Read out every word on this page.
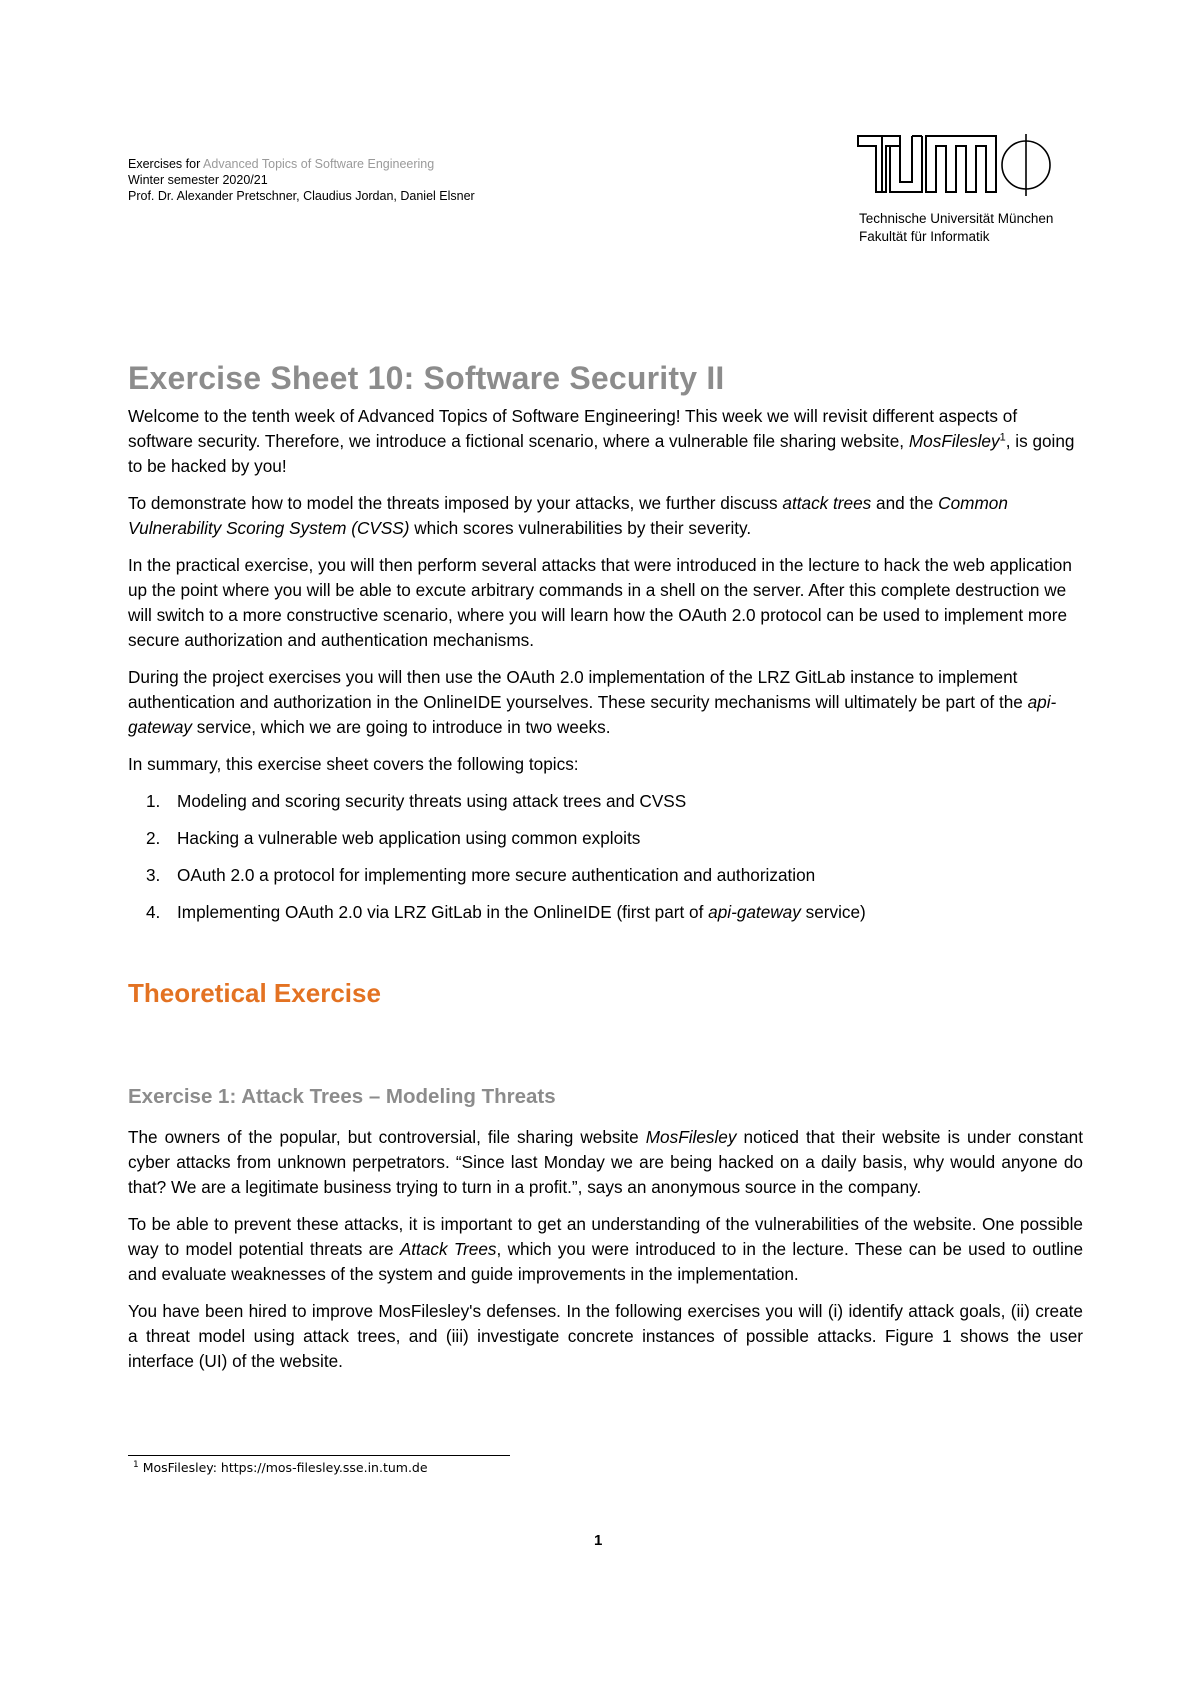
Exercises for Advanced Topics of Software Engineering
Winter semester 2020/21
Prof. Dr. Alexander Pretschner, Claudius Jordan, Daniel Elsner
Technische Universität München
Fakultät für Informatik
Exercise Sheet 10: Software Security II

Welcome to the tenth week of Advanced Topics of Software Engineering! This week we will revisit different aspects of software security. Therefore, we introduce a fictional scenario, where a vulnerable file sharing website, MosFilesley$^1$, is going to be hacked by you!

To demonstrate how to model the threats imposed by your attacks, we further discuss attack trees and the Common Vulnerability Scoring System (CVSS) which scores vulnerabilities by their severity.

In the practical exercise, you will then perform several attacks that were introduced in the lecture to hack the web application up the point where you will be able to excute arbitrary commands in a shell on the server. After this complete destruction we will switch to a more constructive scenario, where you will learn how the OAuth 2.0 protocol can be used to implement more secure authorization and authentication mechanisms.

During the project exercises you will then use the OAuth 2.0 implementation of the LRZ GitLab instance to implement authentication and authorization in the OnlineIDE yourselves. These security mechanisms will ultimately be part of the api-gateway service, which we are going to introduce in two weeks.

In summary, this exercise sheet covers the following topics:

1. Modeling and scoring security threats using attack trees and CVSS
2. Hacking a vulnerable web application using common exploits
3. OAuth 2.0 a protocol for implementing more secure authentication and authorization
4. Implementing OAuth 2.0 via LRZ GitLab in the OnlineIDE (first part of api-gateway service)
Theoretical Exercise
Exercise 1: Attack Trees – Modeling Threats

The owners of the popular, but controversial, file sharing website MosFilesley noticed that their website is under constant cyber attacks from unknown perpetrators. “Since last Monday we are being hacked on a daily basis, why would anyone do that? We are a legitimate business trying to turn in a profit.”, says an anonymous source in the company.

To be able to prevent these attacks, it is important to get an understanding of the vulnerabilities of the website. One possible way to model potential threats are Attack Trees, which you were introduced to in the lecture. These can be used to outline and evaluate weaknesses of the system and guide improvements in the implementation.

You have been hired to improve MosFilesley's defenses. In the following exercises you will (i) identify attack goals, (ii) create a threat model using attack trees, and (iii) investigate concrete instances of possible attacks. Figure 1 shows the user interface (UI) of the website.

$^1$ MosFilesley: https://mos-filesley.sse.in.tum.de
1
